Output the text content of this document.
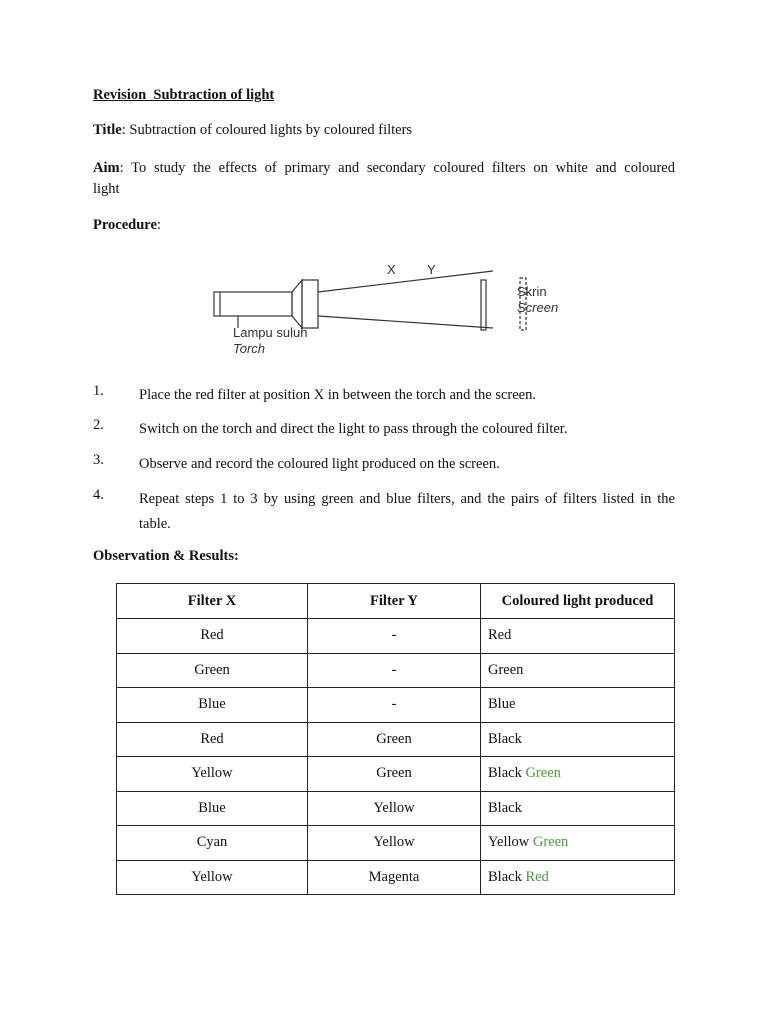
Revision_Subtraction of light
Title: Subtraction of coloured lights by coloured filters
Aim: To study the effects of primary and secondary coloured filters on white and coloured
light
Procedure:
X Y
Skrin
Screen
Lampu suluh
Torch
1. Place the red filter at position X in between the torch and the screen.
2. Switch on the torch and direct the light to pass through the coloured filter.
3. Observe and record the coloured light produced on the screen.
4. Repeat steps 1 to 3 by using green and blue filters, and the pairs of filters listed in the
table.
Observation & Results:
Filter X	Filter Y	Coloured light produced
Red	-	Red
Green	-	Green
Blue	-	Blue
Red	Green	Black
Yellow	Green	Black Green
Blue	Yellow	Black
Cyan	Yellow	Yellow Green
Yellow	Magenta	Black Red
